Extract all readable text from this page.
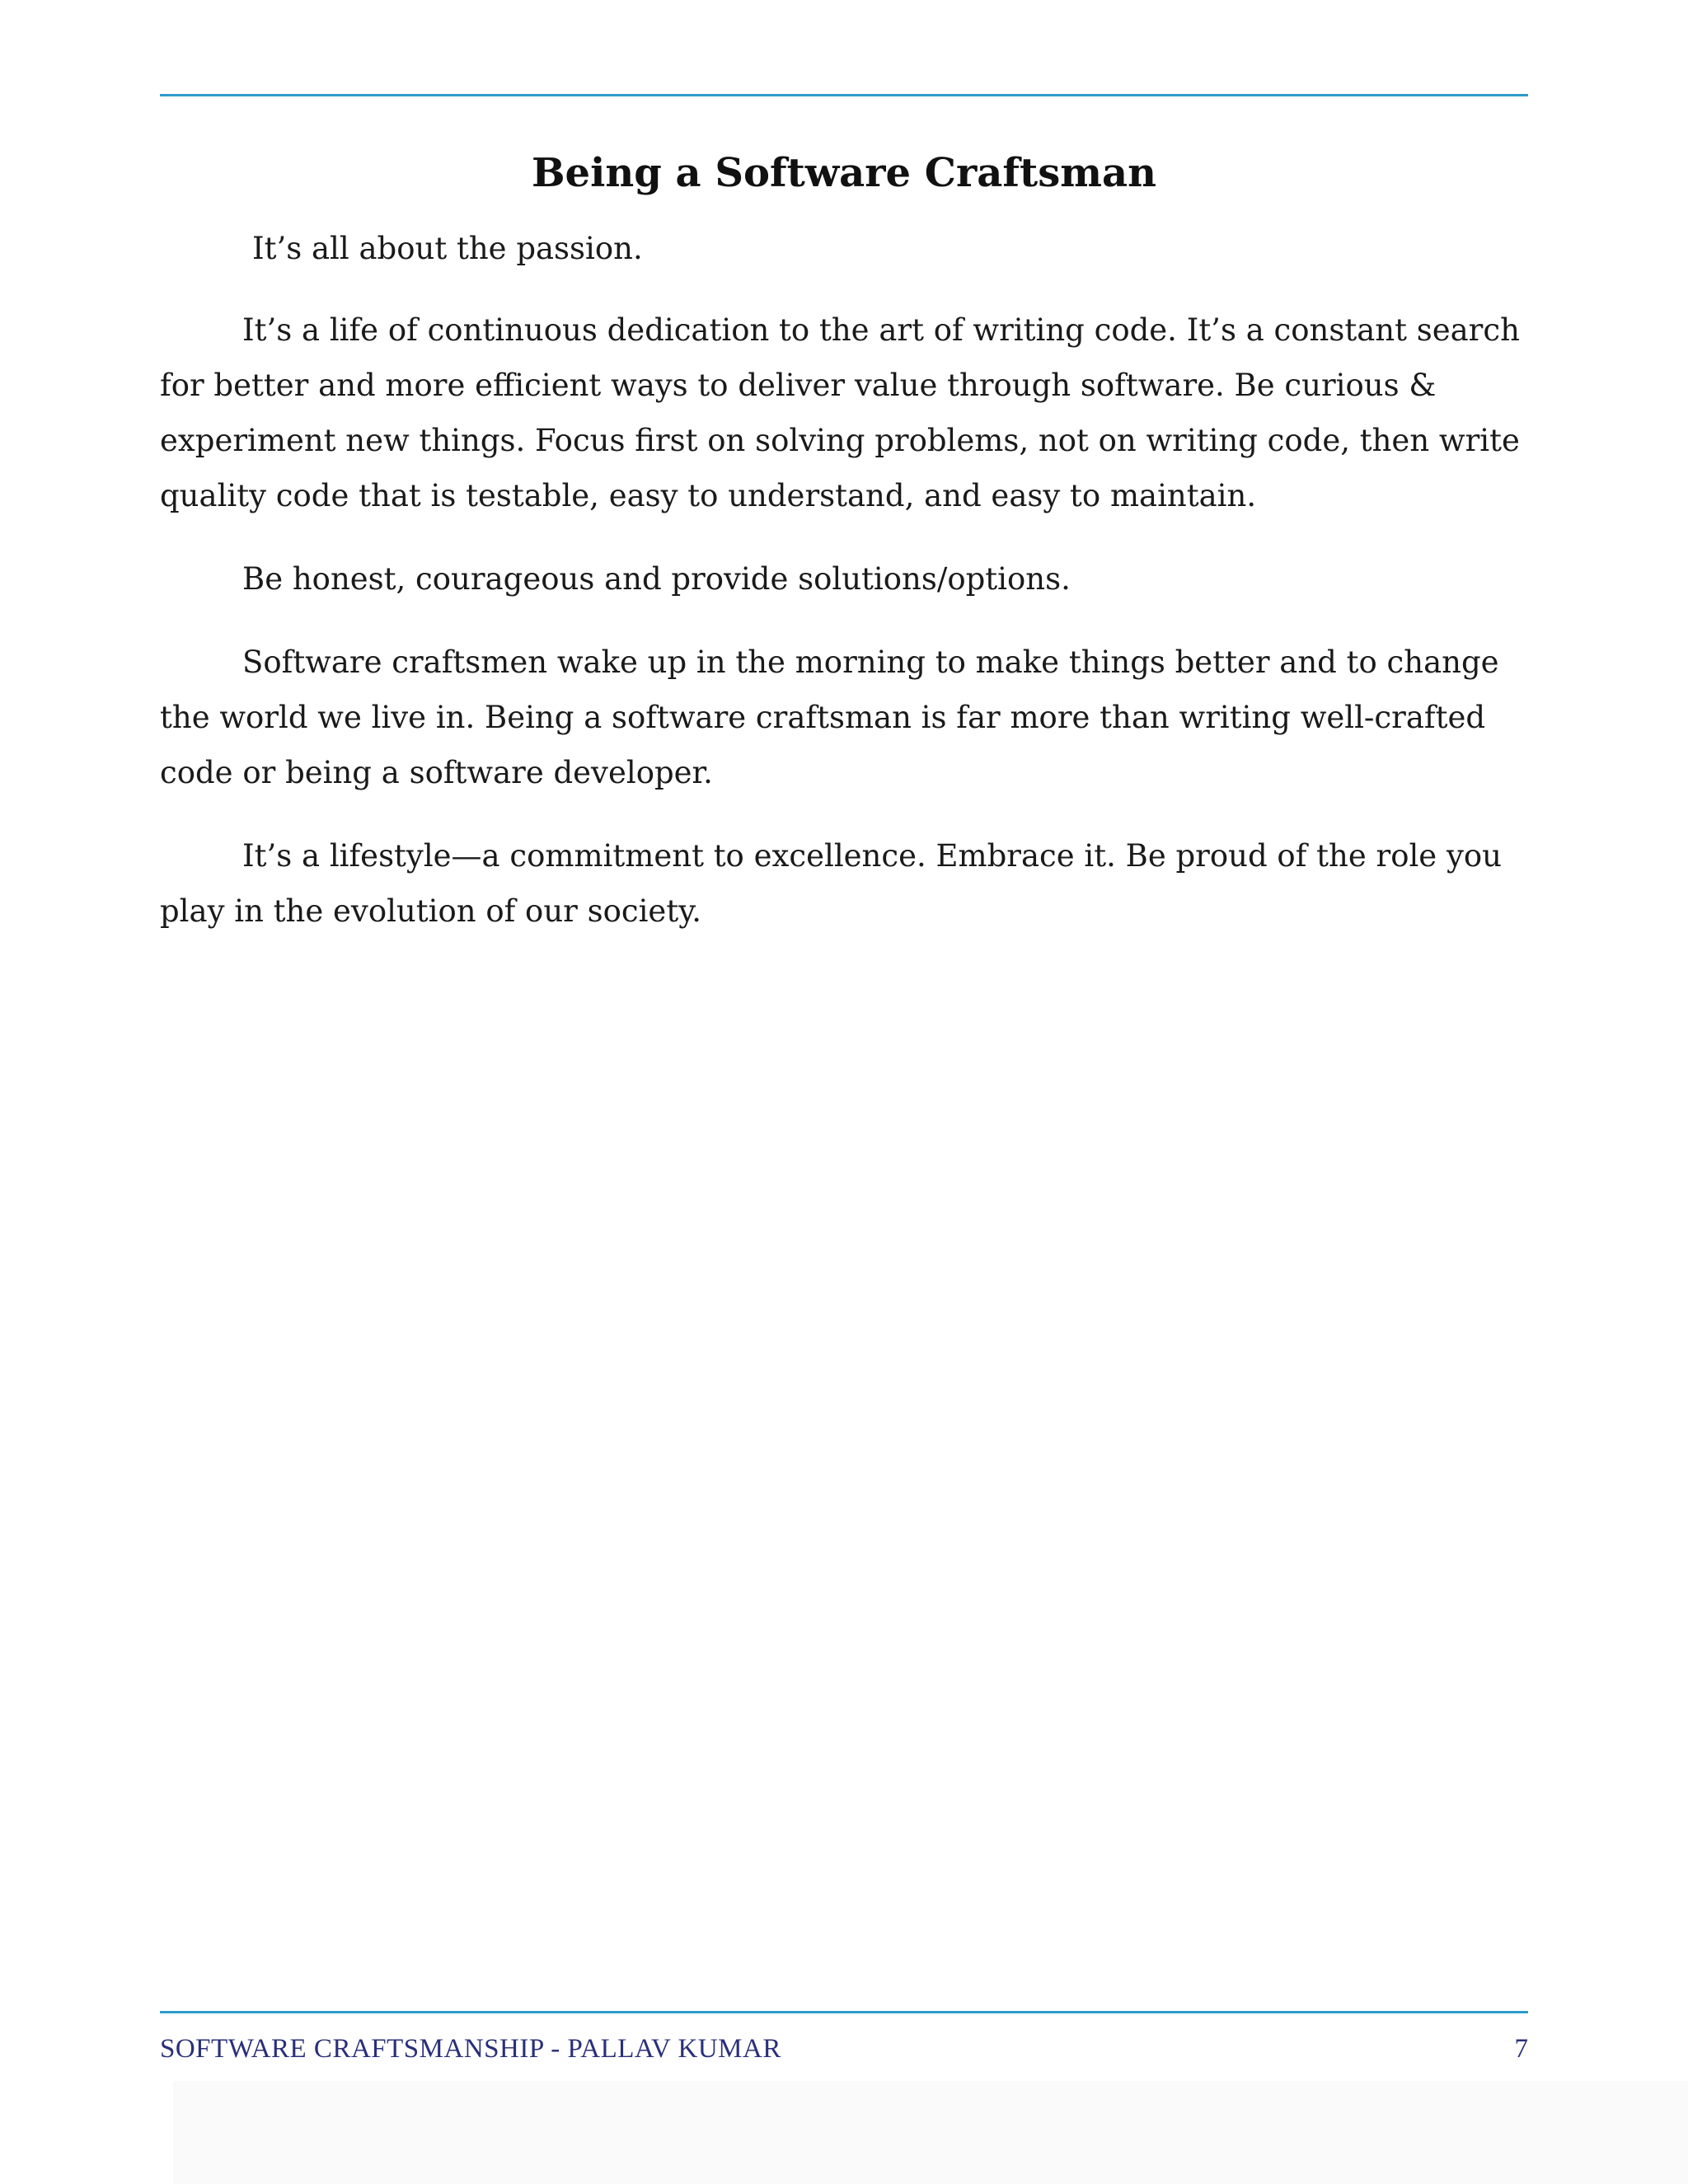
Being a Software Craftsman

It’s all about the passion.

It’s a life of continuous dedication to the art of writing code. It’s a constant search for better and more efficient ways to deliver value through software. Be curious & experiment new things. Focus first on solving problems, not on writing code, then write quality code that is testable, easy to understand, and easy to maintain.

Be honest, courageous and provide solutions/options.

Software craftsmen wake up in the morning to make things better and to change the world we live in. Being a software craftsman is far more than writing well-crafted code or being a software developer.

It’s a lifestyle—a commitment to excellence. Embrace it. Be proud of the role you play in the evolution of our society.

SOFTWARE CRAFTSMANSHIP - PALLAV KUMAR	7
